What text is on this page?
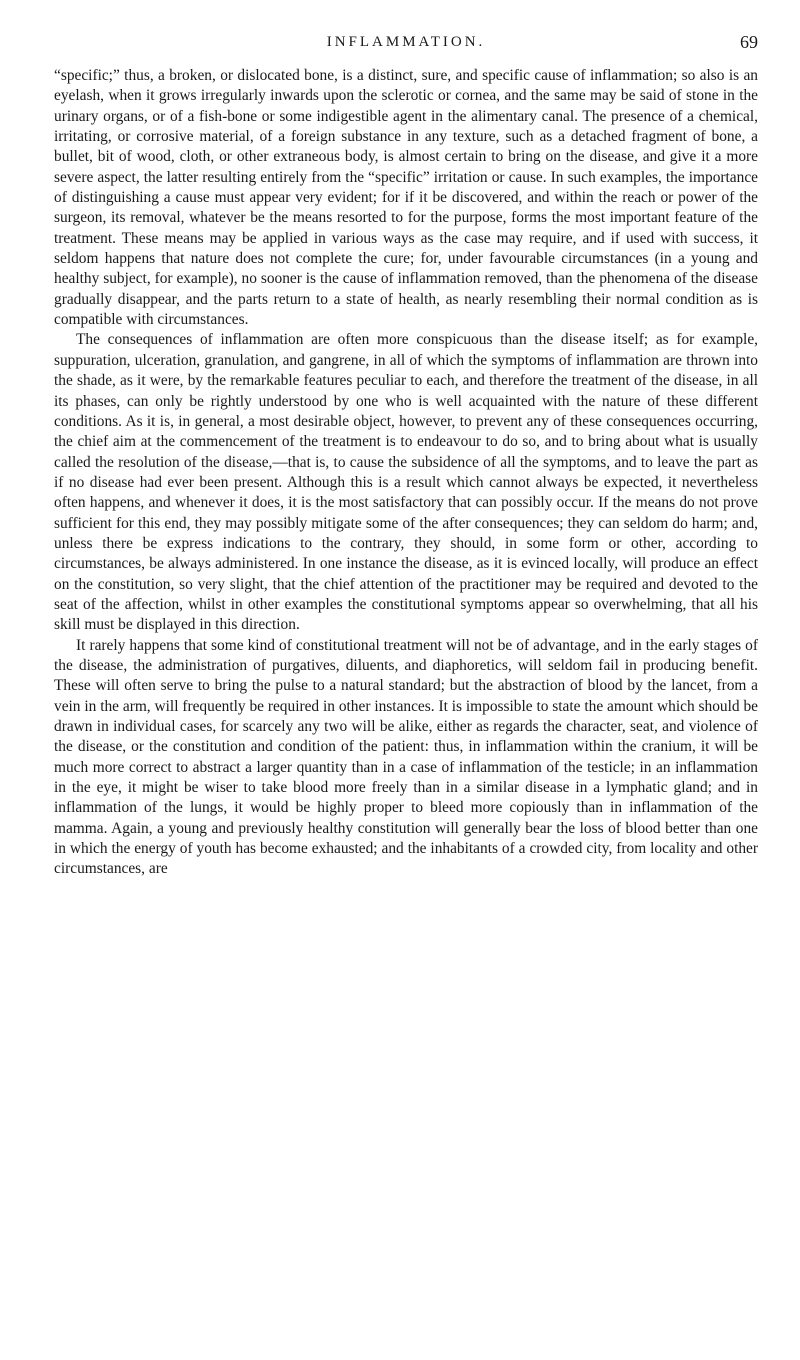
INFLAMMATION.	69

“specific;” thus, a broken, or dislocated bone, is a distinct, sure, and specific cause of inflammation; so also is an eyelash, when it grows irregularly inwards upon the sclerotic or cornea, and the same may be said of stone in the urinary organs, or of a fish-bone or some indigestible agent in the alimentary canal. The presence of a chemical, irritating, or corrosive material, of a foreign substance in any texture, such as a detached fragment of bone, a bullet, bit of wood, cloth, or other extraneous body, is almost certain to bring on the disease, and give it a more severe aspect, the latter resulting entirely from the “specific” irritation or cause. In such examples, the importance of distinguishing a cause must appear very evident; for if it be discovered, and within the reach or power of the surgeon, its removal, whatever be the means resorted to for the purpose, forms the most important feature of the treatment. These means may be applied in various ways as the case may require, and if used with success, it seldom happens that nature does not complete the cure; for, under favourable circumstances (in a young and healthy subject, for example), no sooner is the cause of inflammation removed, than the phenomena of the disease gradually disappear, and the parts return to a state of health, as nearly resembling their normal condition as is compatible with circumstances.

The consequences of inflammation are often more conspicuous than the disease itself; as for example, suppuration, ulceration, granulation, and gangrene, in all of which the symptoms of inflammation are thrown into the shade, as it were, by the remarkable features peculiar to each, and therefore the treatment of the disease, in all its phases, can only be rightly understood by one who is well acquainted with the nature of these different conditions. As it is, in general, a most desirable object, however, to prevent any of these consequences occurring, the chief aim at the commencement of the treatment is to endeavour to do so, and to bring about what is usually called the resolution of the disease,—that is, to cause the subsidence of all the symptoms, and to leave the part as if no disease had ever been present. Although this is a result which cannot always be expected, it nevertheless often happens, and whenever it does, it is the most satisfactory that can possibly occur. If the means do not prove sufficient for this end, they may possibly mitigate some of the after consequences; they can seldom do harm; and, unless there be express indications to the contrary, they should, in some form or other, according to circumstances, be always administered. In one instance the disease, as it is evinced locally, will produce an effect on the constitution, so very slight, that the chief attention of the practitioner may be required and devoted to the seat of the affection, whilst in other examples the constitutional symptoms appear so overwhelming, that all his skill must be displayed in this direction.

It rarely happens that some kind of constitutional treatment will not be of advantage, and in the early stages of the disease, the administration of purgatives, diluents, and diaphoretics, will seldom fail in producing benefit. These will often serve to bring the pulse to a natural standard; but the abstraction of blood by the lancet, from a vein in the arm, will frequently be required in other instances. It is impossible to state the amount which should be drawn in individual cases, for scarcely any two will be alike, either as regards the character, seat, and violence of the disease, or the constitution and condition of the patient: thus, in inflammation within the cranium, it will be much more correct to abstract a larger quantity than in a case of inflammation of the testicle; in an inflammation in the eye, it might be wiser to take blood more freely than in a similar disease in a lymphatic gland; and in inflammation of the lungs, it would be highly proper to bleed more copiously than in inflammation of the mamma. Again, a young and previously healthy constitution will generally bear the loss of blood better than one in which the energy of youth has become exhausted; and the inhabitants of a crowded city, from locality and other circumstances, are
